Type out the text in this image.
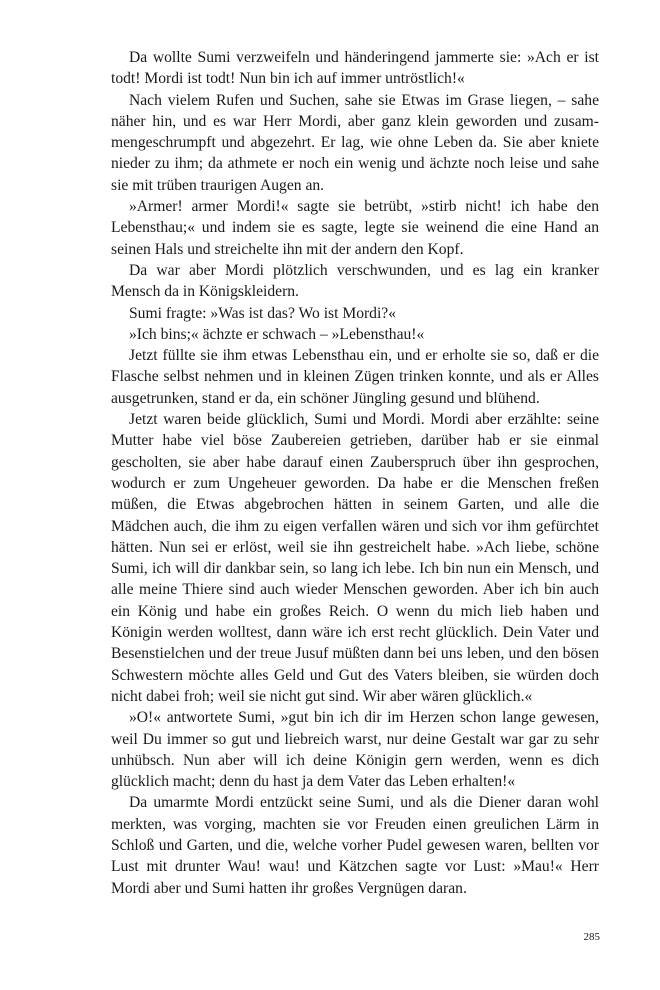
Da wollte Sumi verzweifeln und händeringend jammerte sie: »Ach er ist todt! Mordi ist todt! Nun bin ich auf immer untröstlich!«

Nach vielem Rufen und Suchen, sahe sie Etwas im Grase liegen, – sahe näher hin, und es war Herr Mordi, aber ganz klein geworden und zusammengeschrumpft und abgezehrt. Er lag, wie ohne Leben da. Sie aber kniete nieder zu ihm; da athmete er noch ein wenig und ächzte noch leise und sahe sie mit trüben traurigen Augen an.

»Armer! armer Mordi!« sagte sie betrübt, »stirb nicht! ich habe den Lebensthau;« und indem sie es sagte, legte sie weinend die eine Hand an seinen Hals und streichelte ihn mit der andern den Kopf.

Da war aber Mordi plötzlich verschwunden, und es lag ein kranker Mensch da in Königskleidern.

Sumi fragte: »Was ist das? Wo ist Mordi?«

»Ich bins;« ächzte er schwach – »Lebensthau!«

Jetzt füllte sie ihm etwas Lebensthau ein, und er erholte sie so, daß er die Flasche selbst nehmen und in kleinen Zügen trinken konnte, und als er Alles ausgetrunken, stand er da, ein schöner Jüngling gesund und blühend.

Jetzt waren beide glücklich, Sumi und Mordi. Mordi aber erzählte: seine Mutter habe viel böse Zaubereien getrieben, darüber hab er sie einmal gescholten, sie aber habe darauf einen Zauberspruch über ihn gesprochen, wodurch er zum Ungeheuer geworden. Da habe er die Menschen freßen müßen, die Etwas abgebrochen hätten in seinem Garten, und alle die Mädchen auch, die ihm zu eigen verfallen wären und sich vor ihm gefürchtet hätten. Nun sei er erlöst, weil sie ihn gestreichelt habe. »Ach liebe, schöne Sumi, ich will dir dankbar sein, so lang ich lebe. Ich bin nun ein Mensch, und alle meine Thiere sind auch wieder Menschen geworden. Aber ich bin auch ein König und habe ein großes Reich. O wenn du mich lieb haben und Königin werden wolltest, dann wäre ich erst recht glücklich. Dein Vater und Besenstielchen und der treue Jusuf müßten dann bei uns leben, und den bösen Schwestern möchte alles Geld und Gut des Vaters bleiben, sie würden doch nicht dabei froh; weil sie nicht gut sind. Wir aber wären glücklich.«

»O!« antwortete Sumi, »gut bin ich dir im Herzen schon lange gewesen, weil Du immer so gut und liebreich warst, nur deine Gestalt war gar zu sehr unhübsch. Nun aber will ich deine Königin gern werden, wenn es dich glücklich macht; denn du hast ja dem Vater das Leben erhalten!«

Da umarmte Mordi entzückt seine Sumi, und als die Diener daran wohl merkten, was vorging, machten sie vor Freuden einen greulichen Lärm in Schloß und Garten, und die, welche vorher Pudel gewesen waren, bellten vor Lust mit drunter Wau! wau! und Kätzchen sagte vor Lust: »Mau!« Herr Mordi aber und Sumi hatten ihr großes Vergnügen daran.

285
